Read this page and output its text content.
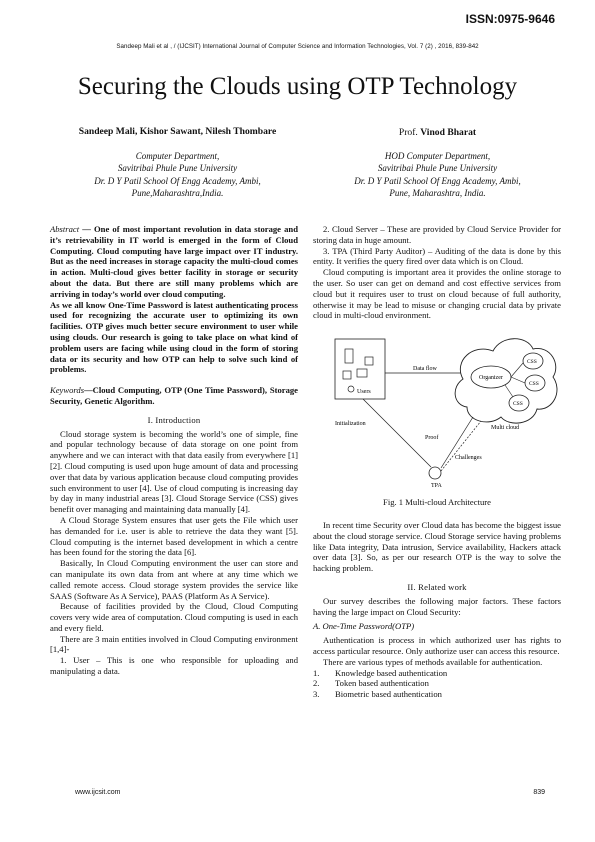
ISSN:0975-9646
Sandeep Mali et al , / (IJCSIT) International Journal of Computer Science and Information Technologies, Vol. 7 (2) , 2016, 839-842
Securing the Clouds using OTP Technology
Sandeep Mali, Kishor Sawant, Nilesh Thombare
Computer Department,
Savitribai Phule Pune University
Dr. D Y Patil School Of Engg Academy, Ambi,
Pune,Maharashtra,India.
Prof. Vinod Bharat
HOD Computer Department,
Savitribai Phule Pune University
Dr. D Y Patil School Of Engg Academy, Ambi,
Pune, Maharashtra, India.

Abstract — One of most important revolution in data storage and it’s retrievability in IT world is emerged in the form of Cloud Computing. Cloud computing have large impact over IT industry. But as the need increases in storage capacity the multi-cloud comes in action. Multi-cloud gives better facility in storage or security about the data. But there are still many problems which are arriving in today’s world over cloud computing.

As we all know One-Time Password is latest authenticating process used for recognizing the accurate user to optimizing its own facilities. OTP gives much better secure environment to user while using clouds. Our research is going to take place on what kind of problem users are facing while using cloud in the form of storing data or its security and how OTP can help to solve such kind of problems.

Keywords—Cloud Computing, OTP (One Time Password), Storage Security, Genetic Algorithm.

I. Introduction

Cloud storage system is becoming the world’s one of simple, fine and popular technology because of data storage on one point from anywhere and we can interact with that data easily from everywhere [1][2]. Cloud computing is used upon huge amount of data and processing over that data by various application because cloud computing provides such environment to user [4]. Use of cloud computing is increasing day by day in many industrial areas [3]. Cloud Storage Service (CSS) gives benefit over managing and maintaining data manually [4].

A Cloud Storage System ensures that user gets the File which user has demanded for i.e. user is able to retrieve the data they want [5]. Cloud computing is the internet based development in which a centre has been found for the storing the data [6].

Basically, In Cloud Computing environment the user can store and can manipulate its own data from ant where at any time which we called remote access. Cloud storage system provides the service like SAAS (Software As A Service), PAAS (Platform As A Service).

Because of facilities provided by the Cloud, Cloud Computing covers very wide area of computation. Cloud computing is used in each and every field.

There are 3 main entities involved in Cloud Computing environment [1,4]-

1. User – This is one who responsible for uploading and manipulating a data.

2. Cloud Server – These are provided by Cloud Service Provider for storing data in huge amount.

3. TPA (Third Party Auditor) – Auditing of the data is done by this entity. It verifies the query fired over data which is on Cloud.

Cloud computing is important area it provides the online storage to the user. So user can get on demand and cost effective services from cloud but it requires user to trust on cloud because of full authority, otherwise it may be lead to misuse or changing crucial data by private cloud in multi-cloud environment.

Users
Data flow
Organizer
CSS
CSS
CSS
Multi cloud
TPA
Initialization
Proof
Challenges
Fig. 1 Multi-cloud Architecture

In recent time Security over Cloud data has become the biggest issue about the cloud storage service. Cloud Storage service having problems like Data integrity, Data intrusion, Service availability, Hackers attack over data [3]. So, as per our research OTP is the way to solve the hacking problem.

II. Related work

Our survey describes the following major factors. These factors having the large impact on Cloud Security:

A. One-Time Password(OTP)

Authentication is process in which authorized user has rights to access particular resource. Only authorize user can access this resource.

There are various types of methods available for authentication.

1.	Knowledge based authentication
2.	Token based authentication
3.	Biometric based authentication
www.ijcsit.com	839
